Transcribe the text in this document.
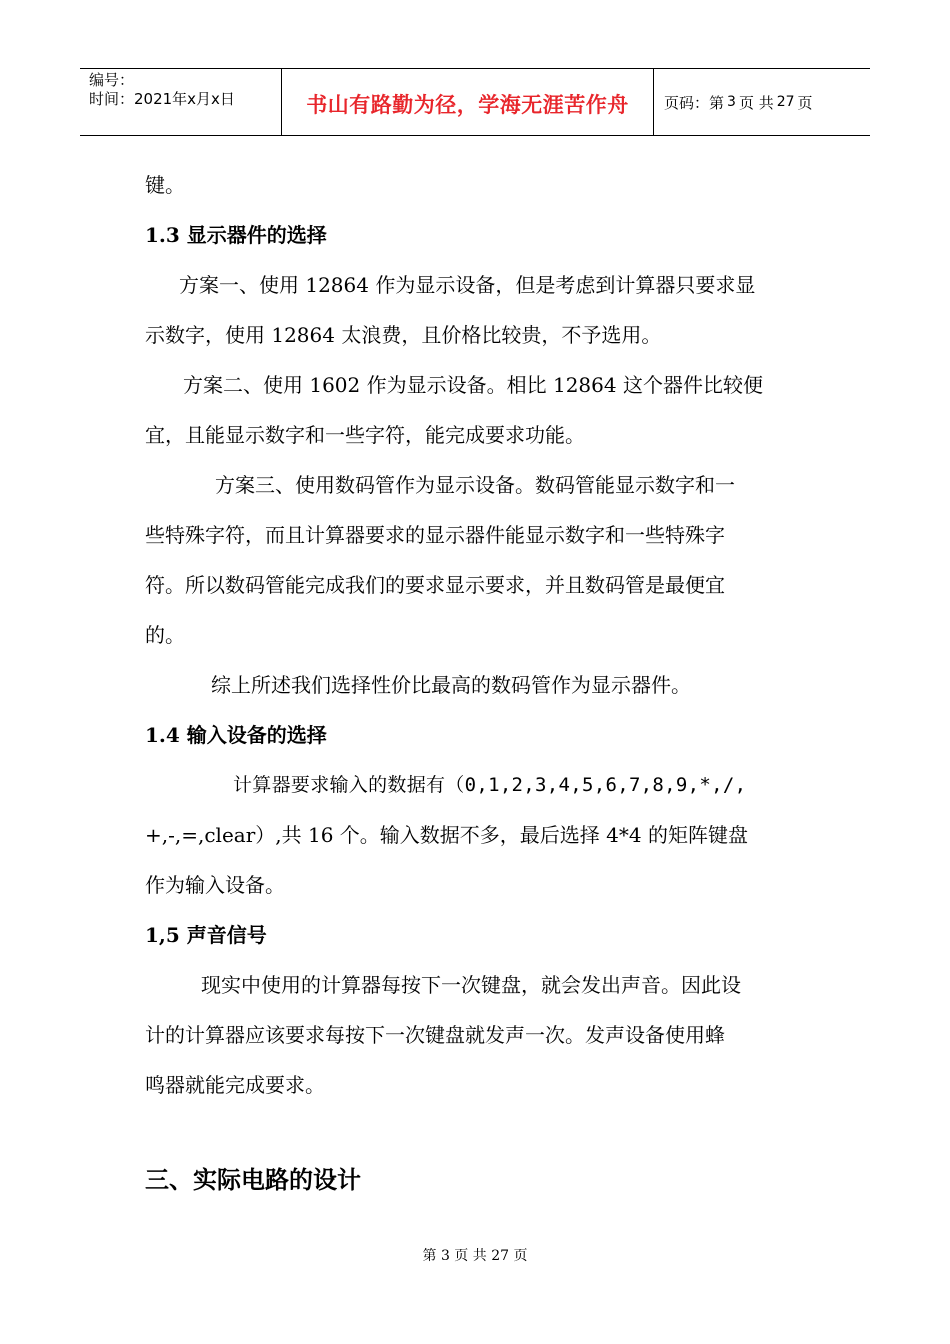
编号：
时间：2021年x月x日	书山有路勤为径，学海无涯苦作舟 页码：第 3 页 共 27 页

键。

1.3 显示器件的选择

方案一、使用 12864 作为显示设备，但是考虑到计算器只要求显

示数字，使用 12864 太浪费，且价格比较贵，不予选用。

方案二、使用 1602 作为显示设备。相比 12864 这个器件比较便

宜，且能显示数字和一些字符，能完成要求功能。

方案三、使用数码管作为显示设备。数码管能显示数字和一

些特殊字符，而且计算器要求的显示器件能显示数字和一些特殊字

符。所以数码管能完成我们的要求显示要求，并且数码管是最便宜

的。

综上所述我们选择性价比最高的数码管作为显示器件。

1.4 输入设备的选择

计算器要求输入的数据有（0,1,2,3,4,5,6,7,8,9,*,/,

+,-,=,clear）,共 16 个。输入数据不多，最后选择 4*4 的矩阵键盘

作为输入设备。

1,5 声音信号

现实中使用的计算器每按下一次键盘，就会发出声音。因此设

计的计算器应该要求每按下一次键盘就发声一次。发声设备使用蜂

鸣器就能完成要求。

三、实际电路的设计

第 3 页 共 27 页
